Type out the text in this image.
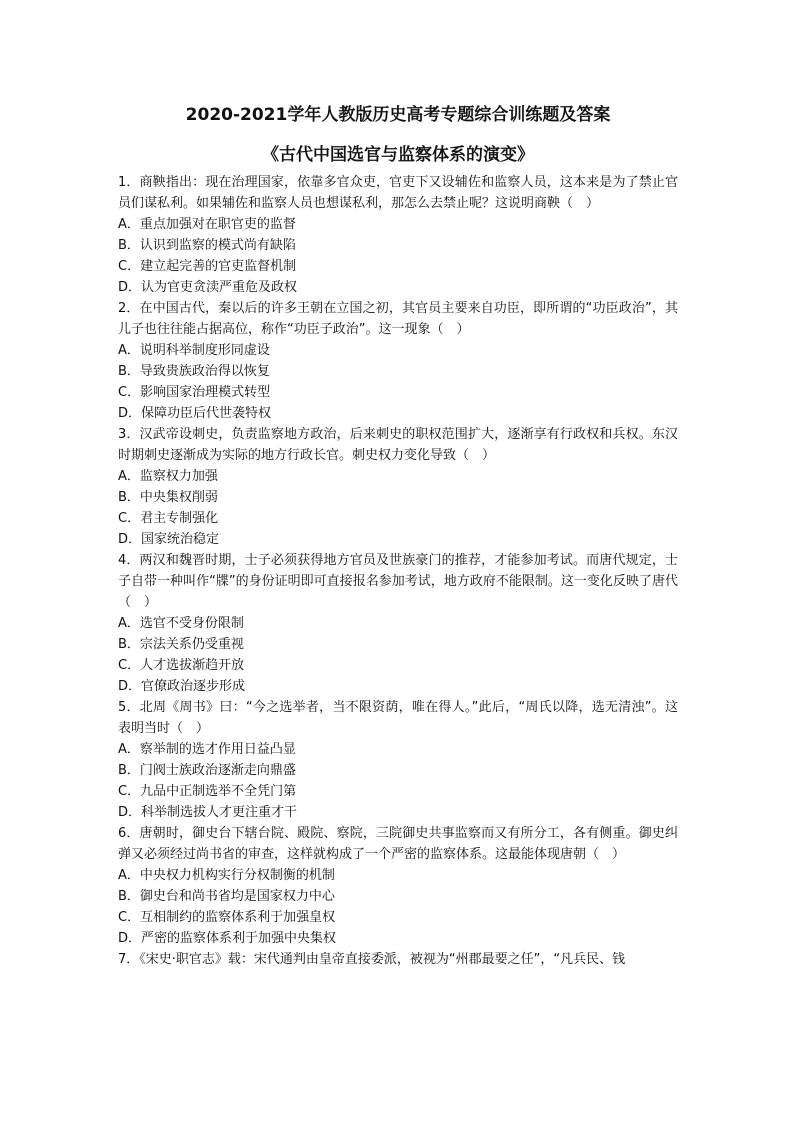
2020-2021学年人教版历史高考专题综合训练题及答案
《古代中国选官与监察体系的演变》

1．商鞅指出：现在治理国家，依靠多官众吏，官吏下又设辅佐和监察人员，这本来是为了禁止官员们谋私利。如果辅佐和监察人员也想谋私利，那怎么去禁止呢？这说明商鞅（　）

A．重点加强对在职官吏的监督

B．认识到监察的模式尚有缺陷

C．建立起完善的官吏监督机制

D．认为官吏贪渎严重危及政权

2．在中国古代，秦以后的许多王朝在立国之初，其官员主要来自功臣，即所谓的“功臣政治”，其儿子也往往能占据高位，称作“功臣子政治”。这一现象（　）

A．说明科举制度形同虚设

B．导致贵族政治得以恢复

C．影响国家治理模式转型

D．保障功臣后代世袭特权

3．汉武帝设刺史，负责监察地方政治，后来刺史的职权范围扩大，逐渐享有行政权和兵权。东汉时期刺史逐渐成为实际的地方行政长官。刺史权力变化导致（　）

A．监察权力加强

B．中央集权削弱

C．君主专制强化

D．国家统治稳定

4．两汉和魏晋时期，士子必须获得地方官员及世族豪门的推荐，才能参加考试。而唐代规定，士子自带一种叫作“牒”的身份证明即可直接报名参加考试，地方政府不能限制。这一变化反映了唐代（　）

A．选官不受身份限制

B．宗法关系仍受重视

C．人才选拔渐趋开放

D．官僚政治逐步形成

5．北周《周书》曰：“今之选举者，当不限资荫，唯在得人。”此后，“周氏以降，选无清浊”。这表明当时（　）

A．察举制的选才作用日益凸显

B．门阀士族政治逐渐走向鼎盛

C．九品中正制选举不全凭门第

D．科举制选拔人才更注重才干

6．唐朝时，御史台下辖台院、殿院、察院，三院御史共事监察而又有所分工，各有侧重。御史纠弹又必须经过尚书省的审查，这样就构成了一个严密的监察体系。这最能体现唐朝（　）

A．中央权力机构实行分权制衡的机制

B．御史台和尚书省均是国家权力中心

C．互相制约的监察体系利于加强皇权

D．严密的监察体系利于加强中央集权

7．《宋史·职官志》载：宋代通判由皇帝直接委派，被视为“州郡最要之任”，“凡兵民、钱
